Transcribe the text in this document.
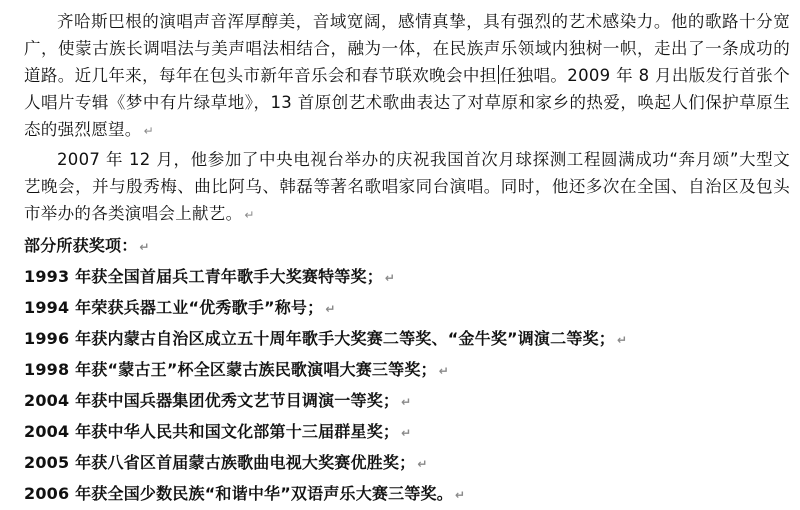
齐哈斯巴根的演唱声音浑厚醇美，音域宽阔，感情真挚，具有强烈的艺术感染力。他的歌路十分宽广，使蒙古族长调唱法与美声唱法相结合，融为一体，在民族声乐领域内独树一帜，走出了一条成功的道路。近几年来，每年在包头市新年音乐会和春节联欢晚会中担 任独唱。2009 年 8 月出版发行首张个人唱片专辑《梦中有片绿草地》，13 首原创艺术歌曲表达了对草原和家乡的热爱，唤起人们保护草原生态的强烈愿望。 ↵

2007 年 12 月，他参加了中央电视台举办的庆祝我国首次月球探测工程圆满成功“奔月颂”大型文艺晚会，并与殷秀梅、曲比阿乌、韩磊等著名歌唱家同台演唱。同时，他还多次在全国、自治区及包头市举办的各类演唱会上献艺。 ↵

部分所获奖项： ↵

1993 年获全国首届兵工青年歌手大奖赛特等奖； ↵

1994 年荣获兵器工业“优秀歌手”称号； ↵

1996 年获内蒙古自治区成立五十周年歌手大奖赛二等奖、“金牛奖”调演二等奖； ↵

1998 年获“蒙古王”杯全区蒙古族民歌演唱大赛三等奖； ↵

2004 年获中国兵器集团优秀文艺节目调演一等奖； ↵

2004 年获中华人民共和国文化部第十三届群星奖； ↵

2005 年获八省区首届蒙古族歌曲电视大奖赛优胜奖； ↵

2006 年获全国少数民族“和谐中华”双语声乐大赛三等奖。 ↵
